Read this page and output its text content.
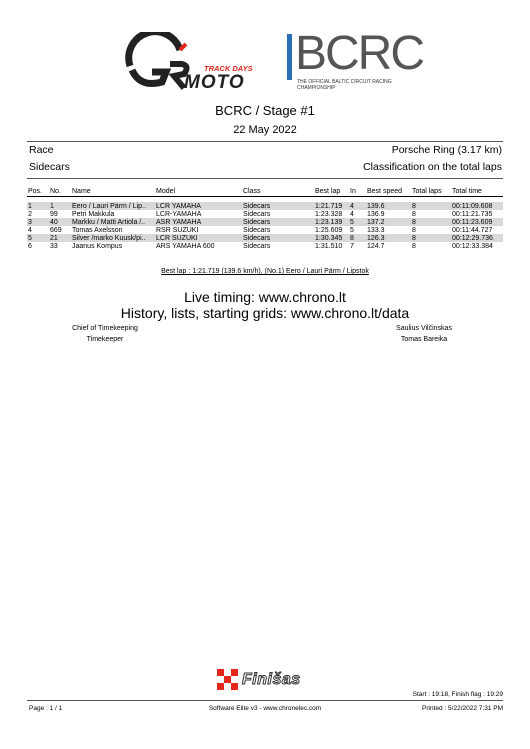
TRACK DAYS
MOTO
BCRC
THE OFFICIAL BALTIC CIRCUIT RACING CHAMPIONSHIP
BCRC / Stage #1
22 May 2022
Race	Porsche Ring (3.17 km)
Sidecars	Classification on the total laps
Pos.	No.	Name	Model	Class	Best lap	In	Best speed	Total laps	Total time

1	1	Eero / Lauri Pärm / Lip..	LCR YAMAHA	Sidecars	1:21.719	4	139.6	8	00:11:09.608
2	99	Petri Makkula	LCR-YAMAHA	Sidecars	1:23.328	4	136.9	8	00:11:21.735
3	40	Markku / Matti Artiola /..	ASR YAMAHA	Sidecars	1:23.139	5	137.2	8	00:11:23.609
4	669	Tomas Axelsson	RSR SUZUKI	Sidecars	1:25.609	5	133.3	8	00:11:44.727
5	21	Silver /marko Kuusk/pi..	LCR SUZUKI	Sidecars	1:30.345	8	126.3	8	00:12:29.736
6	33	Jaanus Kompus	ARS YAMAHA 600	Sidecars	1:31.510	7	124.7	8	00:12:33.384
Best lap : 1:21.719 (139.6 km/h), (No.1) Eero / Lauri Pärm / Lipstok
Live timing: www.chrono.lt
History, lists, starting grids: www.chrono.lt/data
Chief of Timekeeping
Timekeeper
Saulius Vilčinskas
Tomas Bareika
Finišas
Start : 19:18, Finish flag : 19:29
Page : 1 / 1	Software Elite v3 - www.chronelec.com	Printed : 5/22/2022 7:31 PM
